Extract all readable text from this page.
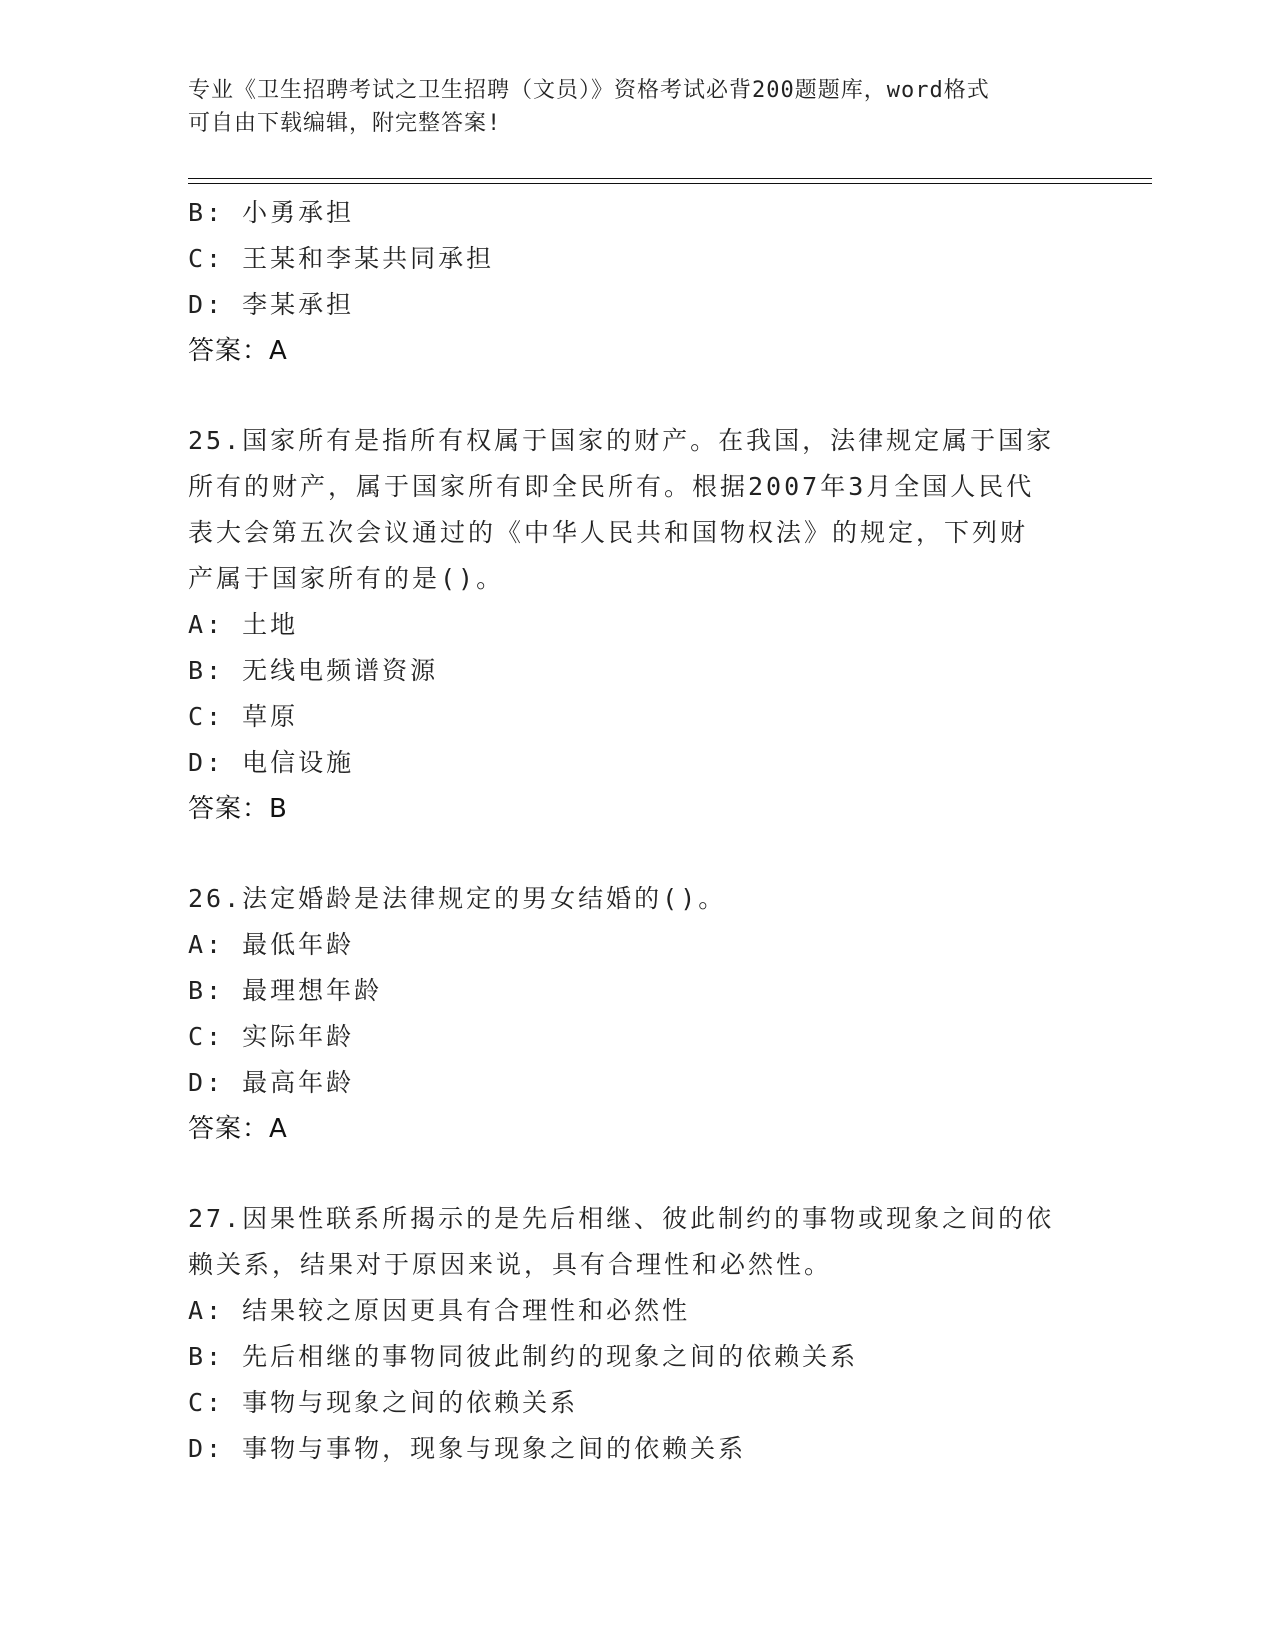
专业《卫生招聘考试之卫生招聘（文员）》资格考试必背200题题库，word格式
可自由下载编辑，附完整答案!
B: 小勇承担
C: 王某和李某共同承担
D: 李某承担
答案：A
25.国家所有是指所有权属于国家的财产。在我国，法律规定属于国家
所有的财产，属于国家所有即全民所有。根据2007年3月全国人民代
表大会第五次会议通过的《中华人民共和国物权法》的规定，下列财
产属于国家所有的是()。
A: 土地
B: 无线电频谱资源
C: 草原
D: 电信设施
答案：B
26.法定婚龄是法律规定的男女结婚的()。
A: 最低年龄
B: 最理想年龄
C: 实际年龄
D: 最高年龄
答案：A
27.因果性联系所揭示的是先后相继、彼此制约的事物或现象之间的依
赖关系，结果对于原因来说，具有合理性和必然性。
A: 结果较之原因更具有合理性和必然性
B: 先后相继的事物同彼此制约的现象之间的依赖关系
C: 事物与现象之间的依赖关系
D: 事物与事物，现象与现象之间的依赖关系
